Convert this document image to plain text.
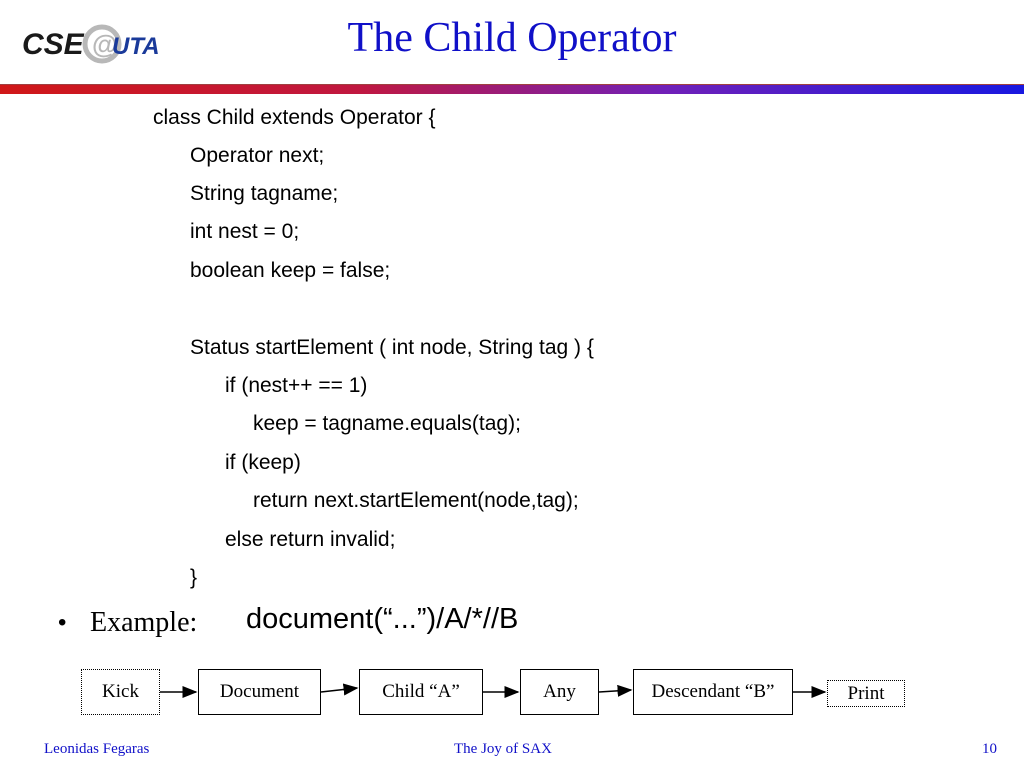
CSE @
UTA	The Child Operator
class Child extends Operator {
Operator next;
String tagname;
int nest = 0;
boolean keep = false;
Status startElement ( int node, String tag ) {
if (nest++ == 1)
keep = tagname.equals(tag);
if (keep)
return next.startElement(node,tag);
else return invalid;
}
• Example: document(“...”)/A/*//B
Kick	Document	Child “A”	Any	Descendant “B”	Print
Leonidas Fegaras	The Joy of SAX	10
